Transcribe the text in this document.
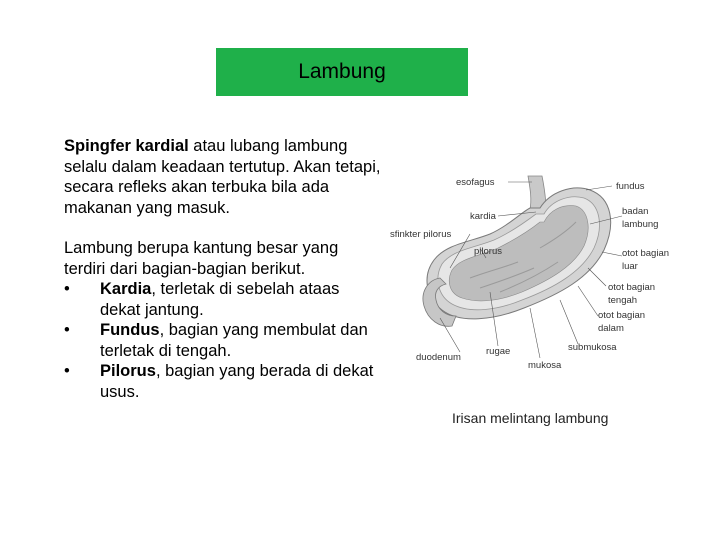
Lambung

Spingfer kardial atau lubang lambung selalu dalam keadaan tertutup. Akan tetapi, secara refleks akan terbuka bila ada makanan yang masuk.

Lambung berupa kantung besar yang terdiri dari bagian-bagian berikut.

•	Kardia, terletak di sebelah ataas dekat jantung.
•	Fundus, bagian yang membulat dan terletak di tengah.
•	Pilorus, bagian yang berada di dekat usus.
esofagus
kardia
sfinkter pilorus
pilorus
duodenum
rugae
mukosa
fundus
badan
lambung
otot bagian
luar
otot bagian
tengah
otot bagian
dalam
submukosa
Irisan melintang lambung
